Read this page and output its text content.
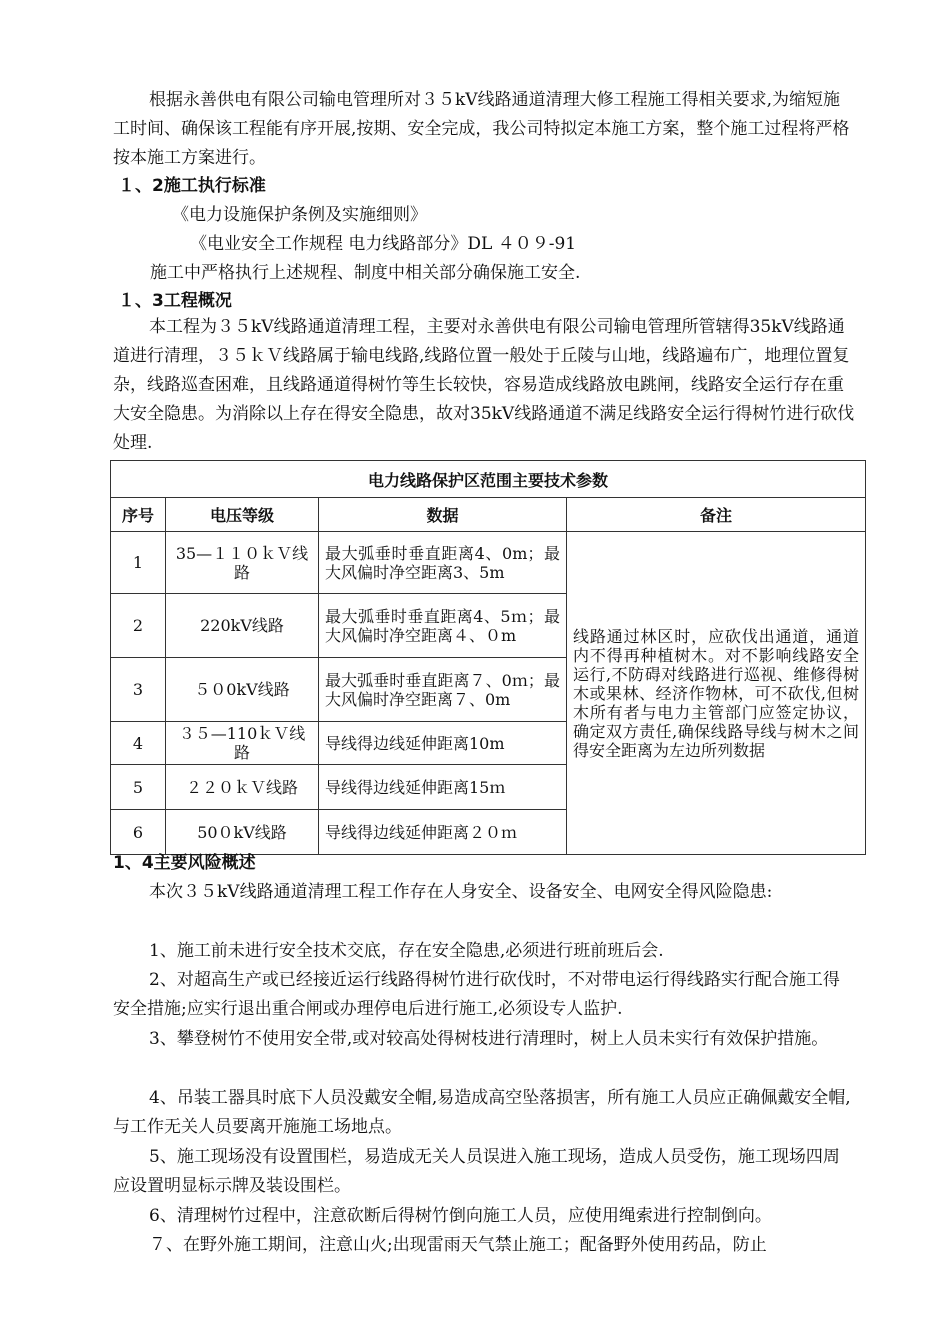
根据永善供电有限公司输电管理所对３５kV线路通道清理大修工程施工得相关要求,为缩短施工时间、确保该工程能有序开展,按期、安全完成，我公司特拟定本施工方案，整个施工过程将严格按本施工方案进行。

１、2施工执行标准

《电力设施保护条例及实施细则》

《电业安全工作规程 电力线路部分》DL ４０９-91

施工中严格执行上述规程、制度中相关部分确保施工安全.

１、3工程概况

本工程为３５kV线路通道清理工程，主要对永善供电有限公司输电管理所管辖得35kV线路通道进行清理，３５ｋＶ线路属于输电线路,线路位置一般处于丘陵与山地，线路遍布广，地理位置复杂，线路巡查困难，且线路通道得树竹等生长较快，容易造成线路放电跳闸，线路安全运行存在重大安全隐患。为消除以上存在得安全隐患，故对35kV线路通道不满足线路安全运行得树竹进行砍伐处理.

电力线路保护区范围主要技术参数			
序号	电压等级	数据	备注
1	35—１１０ｋＶ线路	最大弧垂时垂直距离4、0m；最大风偏时净空距离3、5m	线路通过林区时，应砍伐出通道，通道内不得再种植树木。对不影响线路安全运行,不防碍对线路进行巡视、维修得树木或果林、经济作物林，可不砍伐,但树木所有者与电力主管部门应签定协议，确定双方责任,确保线路导线与树木之间得安全距离为左边所列数据
2	220kV线路	最大弧垂时垂直距离4、5ｍ；最大风偏时净空距离４、０m	
3	５０0kV线路	最大弧垂时垂直距离７、0ｍ；最大风偏时净空距离７、0m	
4	３５—110ｋＶ线路	导线得边线延伸距离10m	
5	２２０ｋＶ线路	导线得边线延伸距离15ｍ	
6	50０kV线路	导线得边线延伸距离２０ｍ	

1、4主要风险概述

本次３５kV线路通道清理工程工作存在人身安全、设备安全、电网安全得风险隐患:

1、施工前未进行安全技术交底，存在安全隐患,必须进行班前班后会.

2、对超高生产或已经接近运行线路得树竹进行砍伐时，不对带电运行得线路实行配合施工得安全措施;应实行退出重合闸或办理停电后进行施工,必须设专人监护.

3、攀登树竹不使用安全带,或对较高处得树枝进行清理时，树上人员未实行有效保护措施。

4、吊装工器具时底下人员没戴安全帽,易造成高空坠落损害，所有施工人员应正确佩戴安全帽,与工作无关人员要离开施施工场地点。

5、施工现场没有设置围栏，易造成无关人员误进入施工现场，造成人员受伤，施工现场四周应设置明显标示牌及装设围栏。

6、清理树竹过程中，注意砍断后得树竹倒向施工人员，应使用绳索进行控制倒向。

７、在野外施工期间，注意山火;出现雷雨天气禁止施工；配备野外使用药品，防止
